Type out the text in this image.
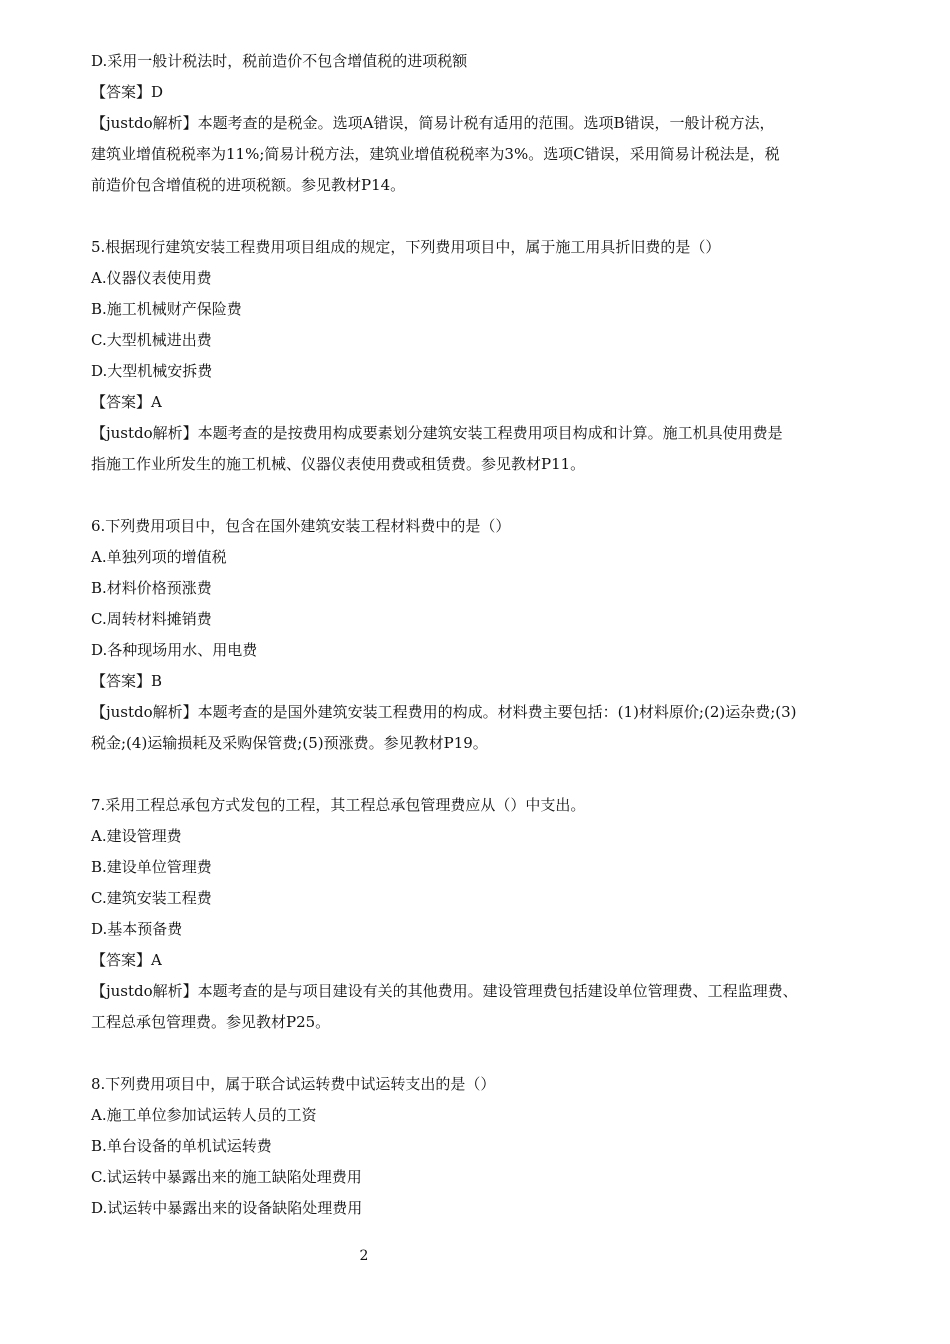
D.采用一般计税法时，税前造价不包含增值税的进项税额
【答案】D
【justdo解析】本题考查的是税金。选项A错误，简易计税有适用的范围。选项B错误，一般计税方法，
建筑业增值税税率为11%;简易计税方法，建筑业增值税税率为3%。选项C错误，采用简易计税法是，税
前造价包含增值税的进项税额。参见教材P14。
5.根据现行建筑安装工程费用项目组成的规定，下列费用项目中，属于施工用具折旧费的是（）
A.仪器仪表使用费
B.施工机械财产保险费
C.大型机械进出费
D.大型机械安拆费
【答案】A
【justdo解析】本题考查的是按费用构成要素划分建筑安装工程费用项目构成和计算。施工机具使用费是
指施工作业所发生的施工机械、仪器仪表使用费或租赁费。参见教材P11。
6.下列费用项目中，包含在国外建筑安装工程材料费中的是（）
A.单独列项的增值税
B.材料价格预涨费
C.周转材料摊销费
D.各种现场用水、用电费
【答案】B
【justdo解析】本题考查的是国外建筑安装工程费用的构成。材料费主要包括：(1)材料原价;(2)运杂费;(3)
税金;(4)运输损耗及采购保管费;(5)预涨费。参见教材P19。
7.采用工程总承包方式发包的工程，其工程总承包管理费应从（）中支出。
A.建设管理费
B.建设单位管理费
C.建筑安装工程费
D.基本预备费
【答案】A
【justdo解析】本题考查的是与项目建设有关的其他费用。建设管理费包括建设单位管理费、工程监理费、
工程总承包管理费。参见教材P25。
8.下列费用项目中，属于联合试运转费中试运转支出的是（）
A.施工单位参加试运转人员的工资
B.单台设备的单机试运转费
C.试运转中暴露出来的施工缺陷处理费用
D.试运转中暴露出来的设备缺陷处理费用
2
